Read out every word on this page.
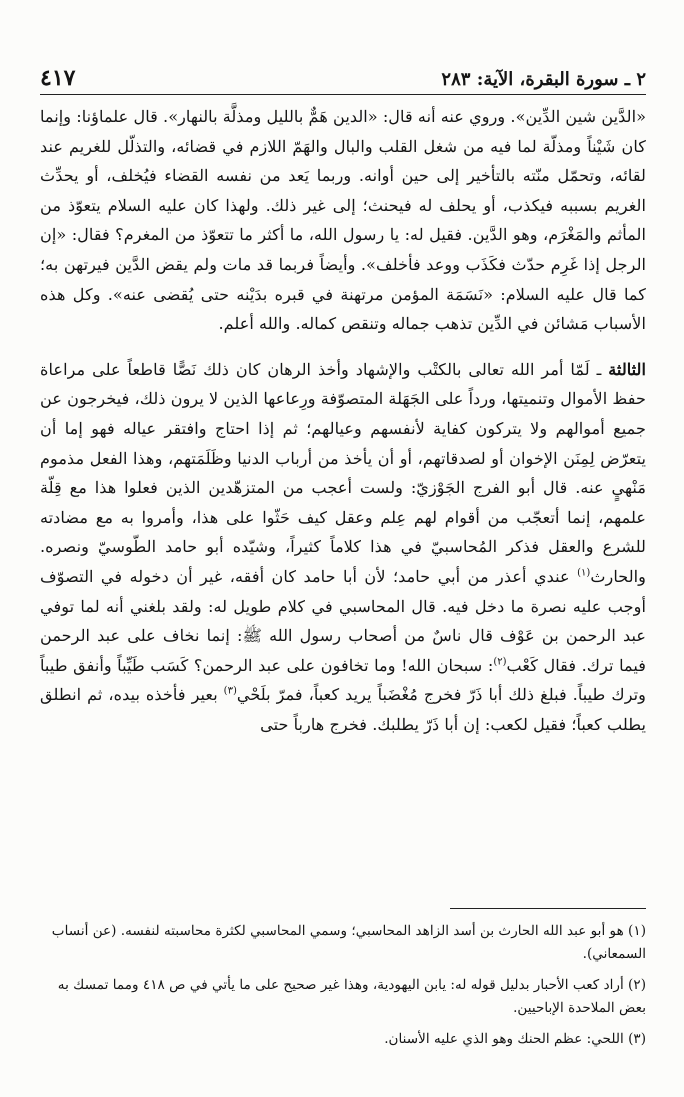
٤١٧	٢ ـ سورة البقرة، الآية: ٢٨٣

«الدَّين شين الدِّين». وروي عنه أنه قال: «الدين هَمٌّ بالليل ومذلَّة بالنهار». قال علماؤنا: وإنما كان شَيْناً ومذلّة لما فيه من شغل القلب والبال والهَمّ اللازم في قضائه، والتذلّل للغريم عند لقائه، وتحمّل منّته بالتأخير إلى حين أوانه. وربما يَعد من نفسه القضاء فيُخلف، أو يحدِّث الغريم بسببه فيكذب، أو يحلف له فيحنث؛ إلى غير ذلك. ولهذا كان عليه السلام يتعوّذ من المأثم والمَغْرَم، وهو الدَّين. فقيل له: يا رسول الله، ما أكثر ما تتعوّذ من المغرم؟ فقال: «إن الرجل إذا غَرِم حدّث فكَذَب ووعد فأخلف». وأيضاً فربما قد مات ولم يقض الدَّين فيرتهن به؛ كما قال عليه السلام: «نَسَمَة المؤمن مرتهنة في قبره بدَيْنه حتى يُقضى عنه». وكل هذه الأسباب مَشائن في الدِّين تذهب جماله وتنقص كماله. والله أعلم.

الثالثة ـ لَمّا أمر الله تعالى بالكتْب والإشهاد وأخذ الرهان كان ذلك نَصًّا قاطعاً على مراعاة حفظ الأموال وتنميتها، ورداً على الجَهَلة المتصوّفة ورِعاعها الذين لا يرون ذلك، فيخرجون عن جميع أموالهم ولا يتركون كفاية لأنفسهم وعيالهم؛ ثم إذا احتاج وافتقر عياله فهو إما أن يتعرّض لِمِنَن الإخوان أو لصدقاتهم، أو أن يأخذ من أرباب الدنيا وظَلَمَتهم، وهذا الفعل مذموم مَنْهيٍ عنه. قال أبو الفرج الجَوْزيّ: ولست أعجب من المتزهّدين الذين فعلوا هذا مع قِلّة علمهم، إنما أتعجّب من أقوام لهم عِلم وعقل كيف حَثّوا على هذا، وأمروا به مع مضادته للشرع والعقل فذكر المُحاسبيّ في هذا كلاماً كثيراً، وشيّده أبو حامد الطّوسيّ ونصره. والحارث$^{(١)}$ عندي أعذر من أبي حامد؛ لأن أبا حامد كان أفقه، غير أن دخوله في التصوّف أوجب عليه نصرة ما دخل فيه. قال المحاسبي في كلام طويل له: ولقد بلغني أنه لما توفي عبد الرحمن بن عَوْف قال ناسٌ من أصحاب رسول الله ﷺ: إنما نخاف على عبد الرحمن فيما ترك. فقال كَعْب$^{(٢)}$: سبحان الله! وما تخافون على عبد الرحمن؟ كَسَب طَيِّباً وأنفق طيباً وترك طيباً. فبلغ ذلك أبا ذَرّ فخرج مُغْضَباً يريد كعباً، فمرّ بلَحْي$^{(٣)}$ بعير فأخذه بيده، ثم انطلق يطلب كعباً؛ فقيل لكعب: إن أبا ذَرّ يطلبك. فخرج هارباً حتى

(١) هو أبو عبد الله الحارث بن أسد الزاهد المحاسبي؛ وسمي المحاسبي لكثرة محاسبته لنفسه. (عن أنساب السمعاني).

(٢) أراد كعب الأحبار بدليل قوله له: يابن اليهودية، وهذا غير صحيح على ما يأتي في ص ٤١٨ ومما تمسك به بعض الملاحدة الإباحيين.

(٣) اللحي: عظم الحنك وهو الذي عليه الأسنان.
